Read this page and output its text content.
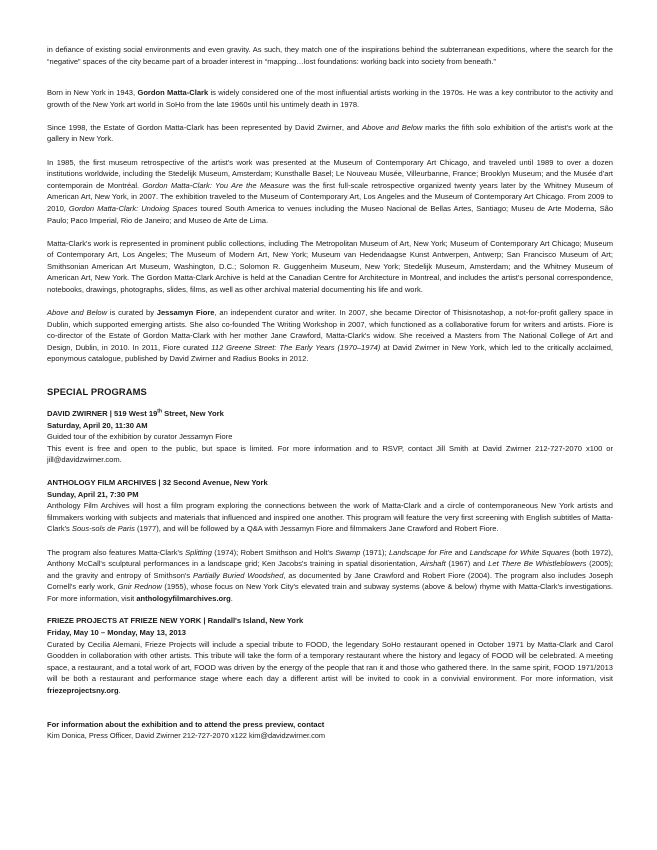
in defiance of existing social environments and even gravity. As such, they match one of the inspirations behind the subterranean expeditions, where the search for the “negative” spaces of the city became part of a broader interest in “mapping…lost foundations: working back into society from beneath.”

Born in New York in 1943, Gordon Matta-Clark is widely considered one of the most influential artists working in the 1970s. He was a key contributor to the activity and growth of the New York art world in SoHo from the late 1960s until his untimely death in 1978.

Since 1998, the Estate of Gordon Matta-Clark has been represented by David Zwirner, and Above and Below marks the fifth solo exhibition of the artist's work at the gallery in New York.

In 1985, the first museum retrospective of the artist's work was presented at the Museum of Contemporary Art Chicago, and traveled until 1989 to over a dozen institutions worldwide, including the Stedelijk Museum, Amsterdam; Kunsthalle Basel; Le Nouveau Musée, Villeurbanne, France; Brooklyn Museum; and the Musée d'art contemporain de Montréal. Gordon Matta-Clark: You Are the Measure was the first full-scale retrospective organized twenty years later by the Whitney Museum of American Art, New York, in 2007. The exhibition traveled to the Museum of Contemporary Art, Los Angeles and the Museum of Contemporary Art Chicago. From 2009 to 2010, Gordon Matta-Clark: Undoing Spaces toured South America to venues including the Museo Nacional de Bellas Artes, Santiago; Museu de Arte Moderna, São Paulo; Paco Imperial, Rio de Janeiro; and Museo de Arte de Lima.

Matta-Clark's work is represented in prominent public collections, including The Metropolitan Museum of Art, New York; Museum of Contemporary Art Chicago; Museum of Contemporary Art, Los Angeles; The Museum of Modern Art, New York; Museum van Hedendaagse Kunst Antwerpen, Antwerp; San Francisco Museum of Art; Smithsonian American Art Museum, Washington, D.C.; Solomon R. Guggenheim Museum, New York; Stedelijk Museum, Amsterdam; and the Whitney Museum of American Art, New York. The Gordon Matta-Clark Archive is held at the Canadian Centre for Architecture in Montreal, and includes the artist's personal correspondence, notebooks, drawings, photographs, slides, films, as well as other archival material documenting his life and work.

Above and Below is curated by Jessamyn Fiore, an independent curator and writer. In 2007, she became Director of Thisisnotashop, a not-for-profit gallery space in Dublin, which supported emerging artists. She also co-founded The Writing Workshop in 2007, which functioned as a collaborative forum for writers and artists. Fiore is co-director of the Estate of Gordon Matta-Clark with her mother Jane Crawford, Matta-Clark's widow. She received a Masters from The National College of Art and Design, Dublin, in 2010. In 2011, Fiore curated 112 Greene Street: The Early Years (1970–1974) at David Zwirner in New York, which led to the critically acclaimed, eponymous catalogue, published by David Zwirner and Radius Books in 2012.

SPECIAL PROGRAMS
DAVID ZWIRNER | 519 West 19th Street, New York
Saturday, April 20, 11:30 AM

Guided tour of the exhibition by curator Jessamyn Fiore

This event is free and open to the public, but space is limited. For more information and to RSVP, contact Jill Smith at David Zwirner 212-727-2070 x100 or jill@davidzwirner.com.

ANTHOLOGY FILM ARCHIVES | 32 Second Avenue, New York
Sunday, April 21, 7:30 PM

Anthology Film Archives will host a film program exploring the connections between the work of Matta-Clark and a circle of contemporaneous New York artists and filmmakers working with subjects and materials that influenced and inspired one another. This program will feature the very first screening with English subtitles of Matta-Clark's Sous-sols de Paris (1977), and will be followed by a Q&A with Jessamyn Fiore and filmmakers Jane Crawford and Robert Fiore.

The program also features Matta-Clark's Splitting (1974); Robert Smithson and Holt's Swamp (1971); Landscape for Fire and Landscape for White Squares (both 1972), Anthony McCall's sculptural performances in a landscape grid; Ken Jacobs's training in spatial disorientation, Airshaft (1967) and Let There Be Whistleblowers (2005); and the gravity and entropy of Smithson's Partially Buried Woodshed, as documented by Jane Crawford and Robert Fiore (2004). The program also includes Joseph Cornell's early work, Gnir Rednow (1955), whose focus on New York City's elevated train and subway systems (above & below) rhyme with Matta-Clark's investigations. For more information, visit anthologyfilmarchives.org.

FRIEZE PROJECTS AT FRIEZE NEW YORK | Randall's Island, New York
Friday, May 10 – Monday, May 13, 2013

Curated by Cecilia Alemani, Frieze Projects will include a special tribute to FOOD, the legendary SoHo restaurant opened in October 1971 by Matta-Clark and Carol Goodden in collaboration with other artists. This tribute will take the form of a temporary restaurant where the history and legacy of FOOD will be celebrated. A meeting space, a restaurant, and a total work of art, FOOD was driven by the energy of the people that ran it and those who gathered there. In the same spirit, FOOD 1971/2013 will be both a restaurant and performance stage where each day a different artist will be invited to cook in a convivial environment. For more information, visit friezeprojectsny.org.

For information about the exhibition and to attend the press preview, contact
Kim Donica, Press Officer, David Zwirner 212-727-2070 x122 kim@davidzwirner.com
